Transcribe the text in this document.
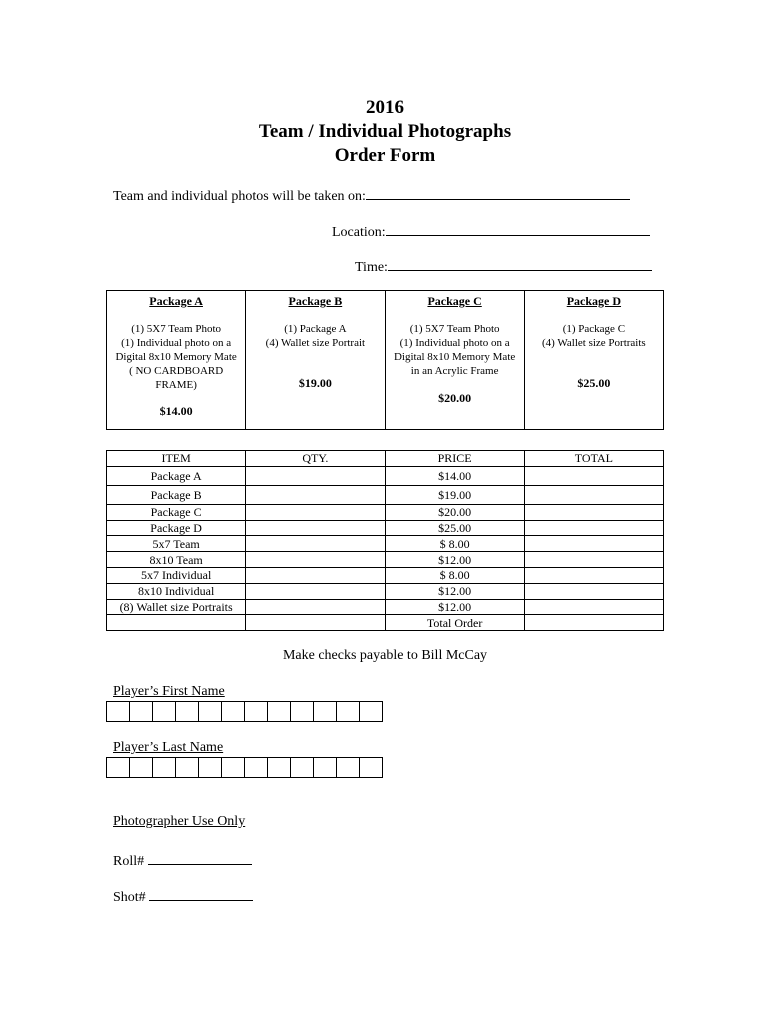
2016
Team / Individual Photographs
Order Form
Team and individual photos will be taken on:
Location:
Time:
Package A
(1) 5X7 Team Photo
(1) Individual photo on a
Digital 8x10 Memory Mate
( NO CARDBOARD
FRAME)
$14.00

Package B
(1) Package A
(4) Wallet size Portrait
$19.00

Package C
(1) 5X7 Team Photo
(1) Individual photo on a
Digital 8x10 Memory Mate
in an Acrylic Frame
$20.00

Package D
(1) Package C
(4) Wallet size Portraits
$25.00
ITEM	QTY.	PRICE	TOTAL
Package A		$14.00	
Package B		$19.00	
Package C		$20.00	
Package D		$25.00	
5x7 Team		$ 8.00	
8x10 Team		$12.00	
5x7 Individual		$ 8.00	
8x10 Individual		$12.00	
(8) Wallet size Portraits		$12.00	
		Total Order	
Make checks payable to Bill McCay
Player’s First Name
Player’s Last Name
Photographer Use Only
Roll#
Shot#
